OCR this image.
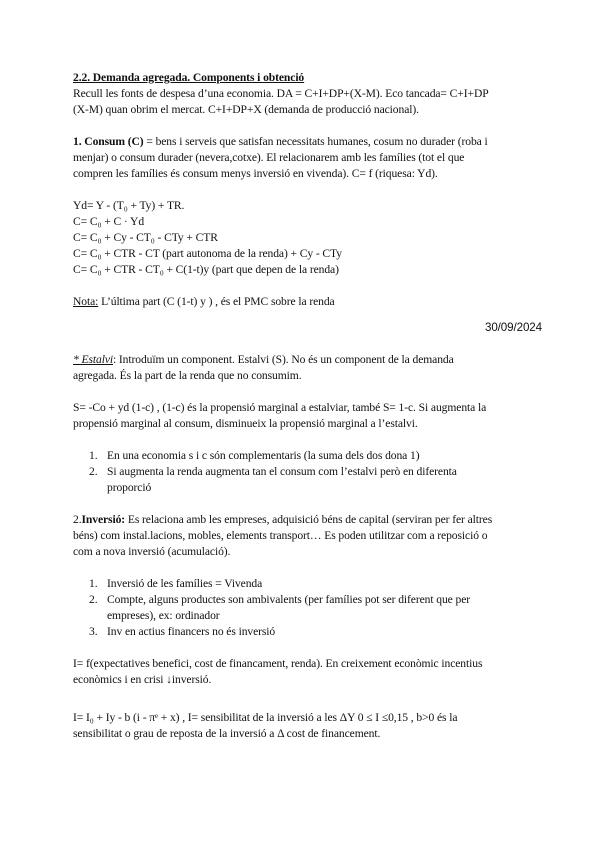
2.2. Demanda agregada. Components i obtenció

Recull les fonts de despesa d’una economia. DA = C+I+DP+(X-M). Eco tancada= C+I+DP

(X-M) quan obrim el mercat. C+I+DP+X (demanda de producció nacional).

1. Consum (C) = bens i serveis que satisfan necessitats humanes, cosum no durader (roba i

menjar) o consum durader (nevera,cotxe). El relacionarem amb les famílies (tot el que

compren les famílies és consum menys inversió en vivenda). C= f (riquesa: Yd).

Yd= Y - (T₀ + Ty) + TR.

C= C₀ + C · Yd

C= C₀ + Cy - CT₀ - CTy + CTR

C= C₀ + CTR - CT (part autonoma de la renda) + Cy - CTy

C= C₀ + CTR - CT₀ + C(1-t)y (part que depen de la renda)

Nota: L’última part (C (1-t) y ) , és el PMC sobre la renda

30/09/2024

* Estalvi: Introduïm un component. Estalvi (S). No és un component de la demanda

agregada. És la part de la renda que no consumim.

S= -Co + yd (1-c) , (1-c) és la propensió marginal a estalviar, també S= 1-c. Si augmenta la

propensió marginal al consum, disminueix la propensió marginal a l’estalvi.

1. En una economia s i c són complementaris (la suma dels dos dona 1)
2. Si augmenta la renda augmenta tan el consum com l’estalvi però en diferenta
proporció

2.Inversió: Es relaciona amb les empreses, adquisició béns de capital (serviran per fer altres

béns) com instal.lacions, mobles, elements transport… Es poden utilitzar com a reposició o

com a nova inversió (acumulació).

1. Inversió de les famílies = Vivenda
2. Compte, alguns productes son ambivalents (per famílies pot ser diferent que per
empreses), ex: ordinador
3. Inv en actius financers no és inversió

I= f(expectatives benefici, cost de financament, renda). En creixement econòmic incentius

econòmics i en crisi ↓inversió.

I= I₀ + Iy - b (i - πᵉ + x) , I= sensibilitat de la inversió a les ΔY 0 ≤ I ≤0,15 , b>0 és la

sensibilitat o grau de reposta de la inversió a Δ cost de financement.
